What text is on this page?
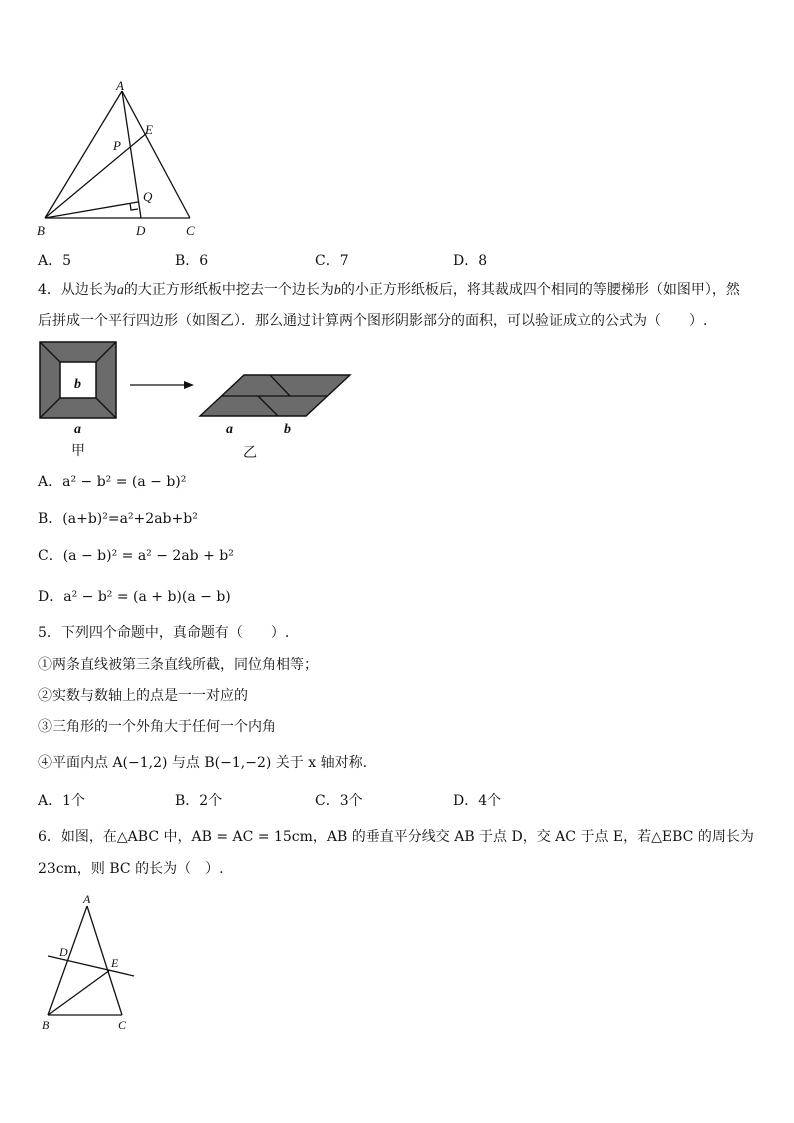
A
B	C
D
E
P
Q
A．5	B．6	C．7	D．8
4．从边长为a的大正方形纸板中挖去一个边长为b的小正方形纸板后，将其裁成四个相同的等腰梯形（如图甲），然
后拼成一个平行四边形（如图乙）．那么通过计算两个图形阴影部分的面积，可以验证成立的公式为（　　）.
b
a
甲
a	b
乙
A．a² − b² = (a − b)²
B．(a+b)²=a²+2ab+b²
C．(a − b)² = a² − 2ab + b²
D．a² − b² = (a + b)(a − b)
5．下列四个命题中，真命题有（　　）.
①两条直线被第三条直线所截，同位角相等；
②实数与数轴上的点是一一对应的
③三角形的一个外角大于任何一个内角
④平面内点 A(−1,2) 与点 B(−1,−2) 关于 x 轴对称.
A．1个	B．2个	C．3个	D．4个
6．如图，在△ABC 中，AB = AC = 15cm，AB 的垂直平分线交 AB 于点 D，交 AC 于点 E，若△EBC 的周长为
23cm，则 BC 的长为（　）.
A
B	C
D
E
